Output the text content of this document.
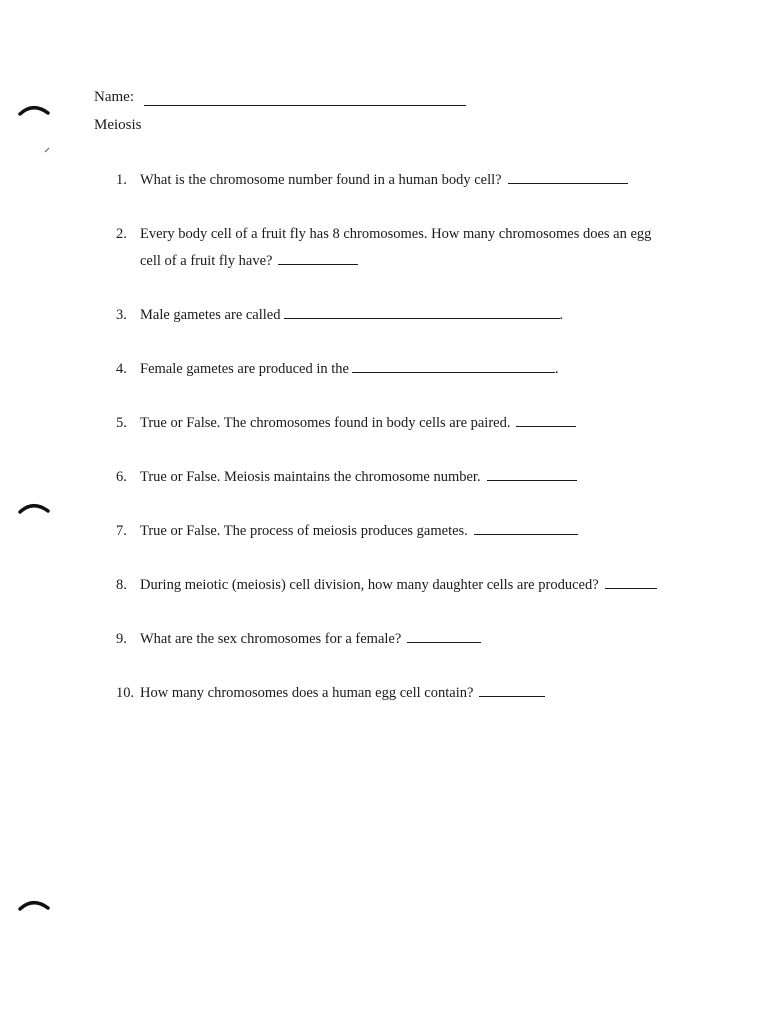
Name:
Meiosis
1. What is the chromosome number found in a human body cell?
2. Every body cell of a fruit fly has 8 chromosomes. How many chromosomes does an egg
cell of a fruit fly have?
3. Male gametes are called	.
4. Female gametes are produced in the	.
5. True or False. The chromosomes found in body cells are paired.
6. True or False. Meiosis maintains the chromosome number.
7. True or False. The process of meiosis produces gametes.
8. During meiotic (meiosis) cell division, how many daughter cells are produced?
9. What are the sex chromosomes for a female?
10. How many chromosomes does a human egg cell contain?
